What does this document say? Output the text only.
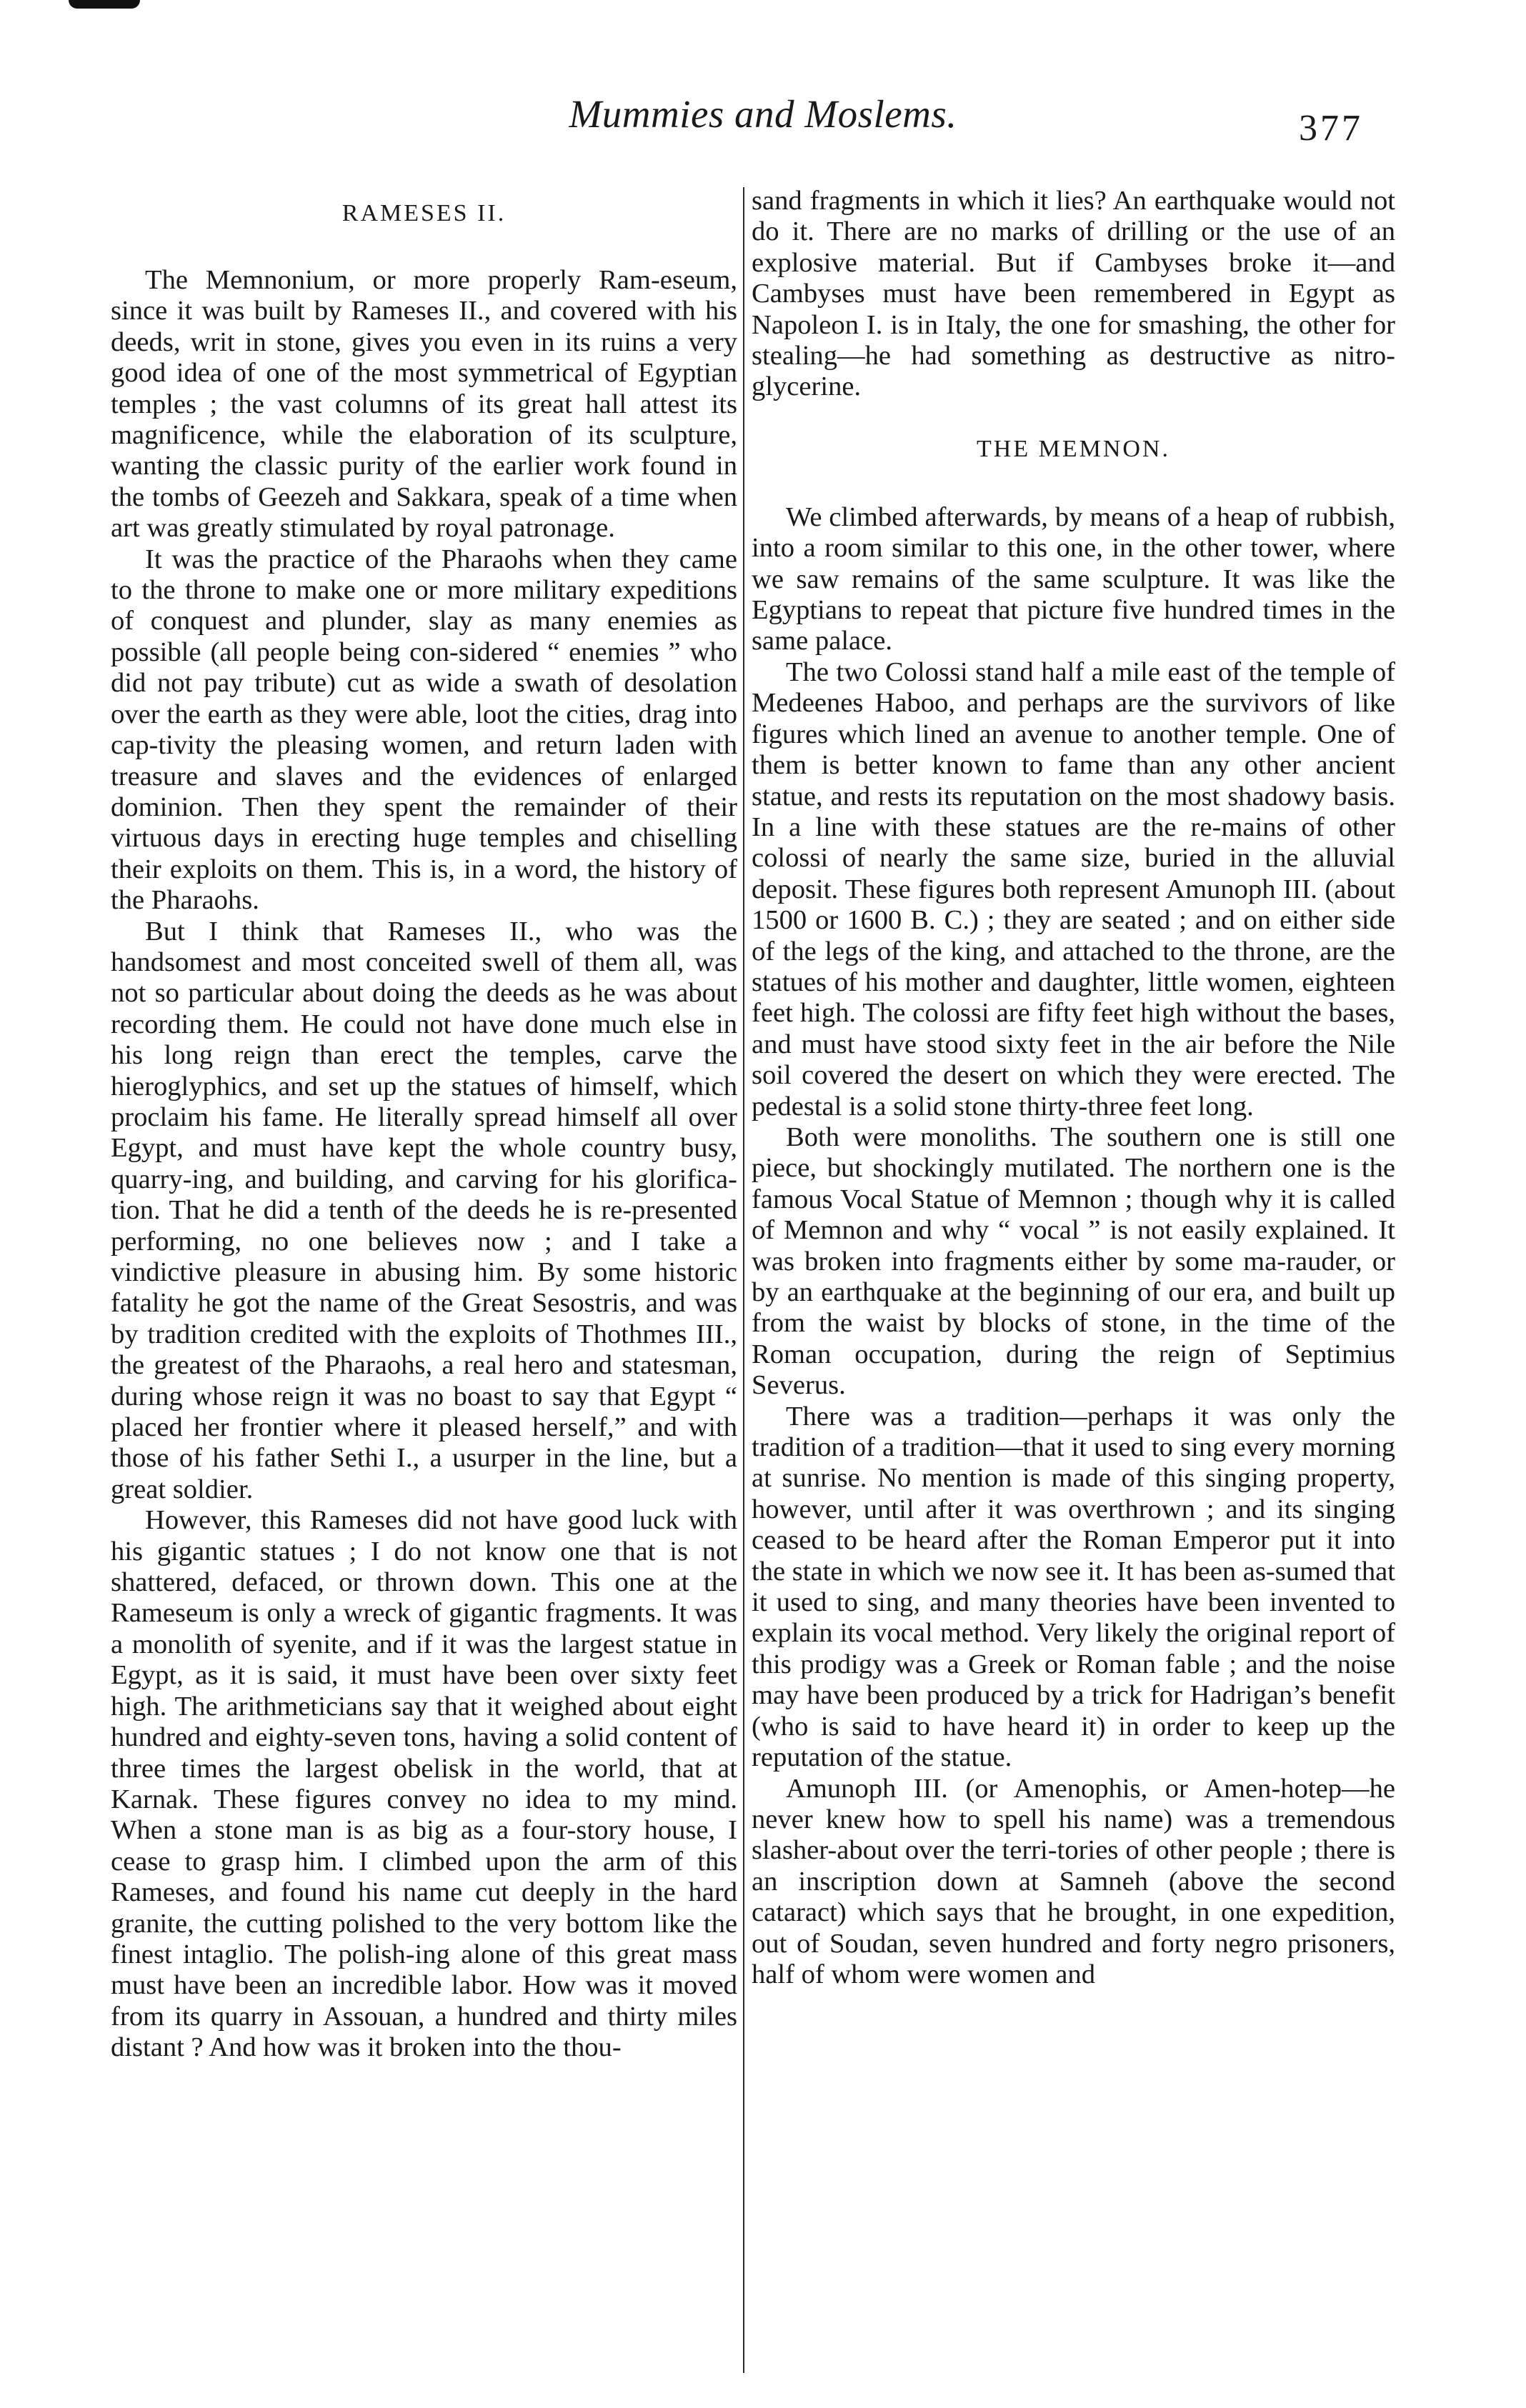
Mummies and Moslems.	377
RAMESES II.

The Memnonium, or more properly Ram-eseum, since it was built by Rameses II., and covered with his deeds, writ in stone, gives you even in its ruins a very good idea of one of the most symmetrical of Egyptian temples ; the vast columns of its great hall attest its magnificence, while the elaboration of its sculpture, wanting the classic purity of the earlier work found in the tombs of Geezeh and Sakkara, speak of a time when art was greatly stimulated by royal patronage.

It was the practice of the Pharaohs when they came to the throne to make one or more military expeditions of conquest and plunder, slay as many enemies as possible (all people being con-sidered “ enemies ” who did not pay tribute) cut as wide a swath of desolation over the earth as they were able, loot the cities, drag into cap-tivity the pleasing women, and return laden with treasure and slaves and the evidences of enlarged dominion. Then they spent the remainder of their virtuous days in erecting huge temples and chiselling their exploits on them. This is, in a word, the history of the Pharaohs.

But I think that Rameses II., who was the handsomest and most conceited swell of them all, was not so particular about doing the deeds as he was about recording them. He could not have done much else in his long reign than erect the temples, carve the hieroglyphics, and set up the statues of himself, which proclaim his fame. He literally spread himself all over Egypt, and must have kept the whole country busy, quarry-ing, and building, and carving for his glorifica-tion. That he did a tenth of the deeds he is re-presented performing, no one believes now ; and I take a vindictive pleasure in abusing him. By some historic fatality he got the name of the Great Sesostris, and was by tradition credited with the exploits of Thothmes III., the greatest of the Pharaohs, a real hero and statesman, during whose reign it was no boast to say that Egypt “ placed her frontier where it pleased herself,” and with those of his father Sethi I., a usurper in the line, but a great soldier.

However, this Rameses did not have good luck with his gigantic statues ; I do not know one that is not shattered, defaced, or thrown down. This one at the Rameseum is only a wreck of gigantic fragments. It was a monolith of syenite, and if it was the largest statue in Egypt, as it is said, it must have been over sixty feet high. The arithmeticians say that it weighed about eight hundred and eighty-seven tons, having a solid content of three times the largest obelisk in the world, that at Karnak. These figures convey no idea to my mind. When a stone man is as big as a four-story house, I cease to grasp him. I climbed upon the arm of this Rameses, and found his name cut deeply in the hard granite, the cutting polished to the very bottom like the finest intaglio. The polish-ing alone of this great mass must have been an incredible labor. How was it moved from its quarry in Assouan, a hundred and thirty miles distant ? And how was it broken into the thou-

sand fragments in which it lies? An earthquake would not do it. There are no marks of drilling or the use of an explosive material. But if Cambyses broke it—and Cambyses must have been remembered in Egypt as Napoleon I. is in Italy, the one for smashing, the other for stealing—he had something as destructive as nitro-glycerine.

THE MEMNON.

We climbed afterwards, by means of a heap of rubbish, into a room similar to this one, in the other tower, where we saw remains of the same sculpture. It was like the Egyptians to repeat that picture five hundred times in the same palace.

The two Colossi stand half a mile east of the temple of Medeenes Haboo, and perhaps are the survivors of like figures which lined an avenue to another temple. One of them is better known to fame than any other ancient statue, and rests its reputation on the most shadowy basis. In a line with these statues are the re-mains of other colossi of nearly the same size, buried in the alluvial deposit. These figures both represent Amunoph III. (about 1500 or 1600 B. C.) ; they are seated ; and on either side of the legs of the king, and attached to the throne, are the statues of his mother and daughter, little women, eighteen feet high. The colossi are fifty feet high without the bases, and must have stood sixty feet in the air before the Nile soil covered the desert on which they were erected. The pedestal is a solid stone thirty-three feet long.

Both were monoliths. The southern one is still one piece, but shockingly mutilated. The northern one is the famous Vocal Statue of Memnon ; though why it is called of Memnon and why “ vocal ” is not easily explained. It was broken into fragments either by some ma-rauder, or by an earthquake at the beginning of our era, and built up from the waist by blocks of stone, in the time of the Roman occupation, during the reign of Septimius Severus.

There was a tradition—perhaps it was only the tradition of a tradition—that it used to sing every morning at sunrise. No mention is made of this singing property, however, until after it was overthrown ; and its singing ceased to be heard after the Roman Emperor put it into the state in which we now see it. It has been as-sumed that it used to sing, and many theories have been invented to explain its vocal method. Very likely the original report of this prodigy was a Greek or Roman fable ; and the noise may have been produced by a trick for Hadrigan’s benefit (who is said to have heard it) in order to keep up the reputation of the statue.

Amunoph III. (or Amenophis, or Amen-hotep—he never knew how to spell his name) was a tremendous slasher-about over the terri-tories of other people ; there is an inscription down at Samneh (above the second cataract) which says that he brought, in one expedition, out of Soudan, seven hundred and forty negro prisoners, half of whom were women and
